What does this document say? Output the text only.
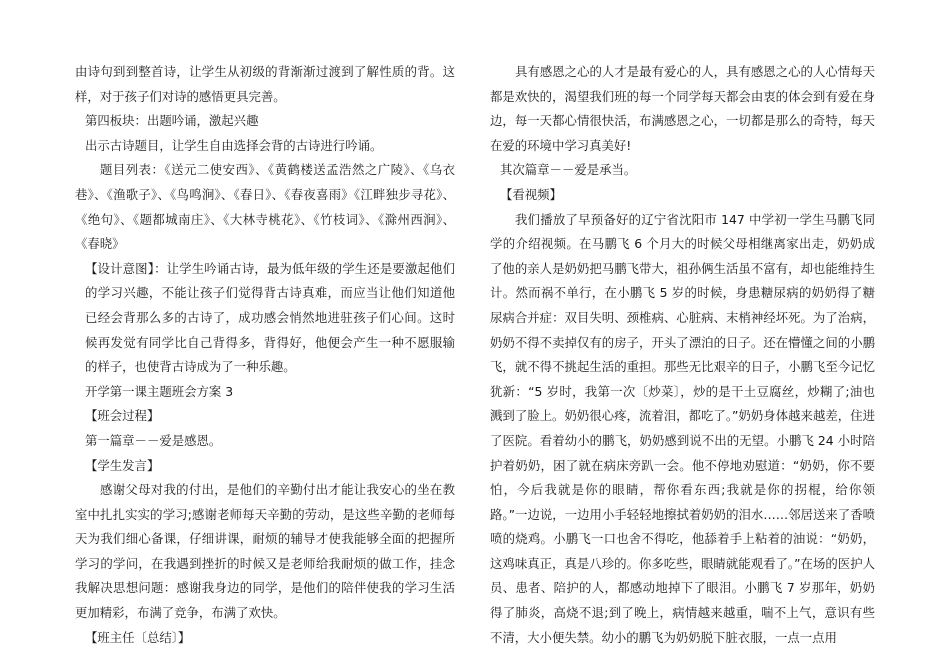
由诗句到到整首诗，让学生从初级的背渐渐过渡到了解性质的背。这样，对于孩子们对诗的感悟更具完善。

第四板块：出题吟诵，激起兴趣

出示古诗题目，让学生自由选择会背的古诗进行吟诵。

题目列表：《送元二使安西》、《黄鹤楼送孟浩然之广陵》、《乌衣巷》、《渔歌子》、《鸟鸣涧》、《春日》、《春夜喜雨》《江畔独步寻花》、《绝句》、《题都城南庄》、《大林寺桃花》、《竹枝词》、《滁州西涧》、《春晓》

【设计意图】：让学生吟诵古诗，最为低年级的学生还是要激起他们的学习兴趣，不能让孩子们觉得背古诗真难，而应当让他们知道他已经会背那么多的古诗了，成功感会悄然地进驻孩子们心间。这时候再发觉有同学比自己背得多，背得好，他便会产生一种不愿服输的样子，也使背古诗成为了一种乐趣。

开学第一课主题班会方案 3

【班会过程】

第一篇章－－爱是感恩。

【学生发言】

感谢父母对我的付出，是他们的辛勤付出才能让我安心的坐在教室中扎扎实实的学习;感谢老师每天辛勤的劳动，是这些辛勤的老师每天为我们细心备课，仔细讲课，耐烦的辅导才使我能够全面的把握所学习的学问，在我遇到挫折的时候又是老师给我耐烦的做工作，挂念我解决思想问题：感谢我身边的同学，是他们的陪伴使我的学习生活更加精彩，布满了竞争，布满了欢快。

【班主任〔总结〕】

具有感恩之心的人才是最有爱心的人，具有感恩之心的人心情每天都是欢快的，渴望我们班的每一个同学每天都会由衷的体会到有爱在身边，每一天都心情很快活，布满感恩之心，一切都是那么的奇特，每天在爱的环境中学习真美好!

其次篇章－－爱是承当。

【看视频】

我们播放了早预备好的辽宁省沈阳市 147 中学初一学生马鹏飞同学的介绍视频。在马鹏飞 6 个月大的时候父母相继离家出走，奶奶成了他的亲人是奶奶把马鹏飞带大，祖孙俩生活虽不富有，却也能维持生计。然而祸不单行，在小鹏飞 5 岁的时候，身患糖尿病的奶奶得了糖尿病合并症：双目失明、颈椎病、心脏病、末梢神经坏死。为了治病，奶奶不得不卖掉仅有的房子，开头了漂泊的日子。还在懵懂之间的小鹏飞，就不得不挑起生活的重担。那些无比艰辛的日子，小鹏飞至今记忆犹新：“5 岁时，我第一次〔炒菜〕，炒的是干土豆腐丝，炒糊了;油也溅到了脸上。奶奶很心疼，流着泪，都吃了。”奶奶身体越来越差，住进了医院。看着幼小的鹏飞，奶奶感到说不出的无望。小鹏飞 24 小时陪护着奶奶，困了就在病床旁趴一会。他不停地劝慰道：“奶奶，你不要怕，今后我就是你的眼睛，帮你看东西;我就是你的拐棍，给你领路。”一边说，一边用小手轻轻地擦拭着奶奶的泪水……邻居送来了香喷喷的烧鸡。小鹏飞一口也舍不得吃，他舔着手上粘着的油说：“奶奶，这鸡味真正，真是八珍的。你多吃些，眼睛就能观看了。”在场的医护人员、患者、陪护的人，都感动地掉下了眼泪。小鹏飞 7 岁那年，奶奶得了肺炎，高烧不退;到了晚上，病情越来越重，喘不上气，意识有些不清，大小便失禁。幼小的鹏飞为奶奶脱下脏衣服，一点一点用
